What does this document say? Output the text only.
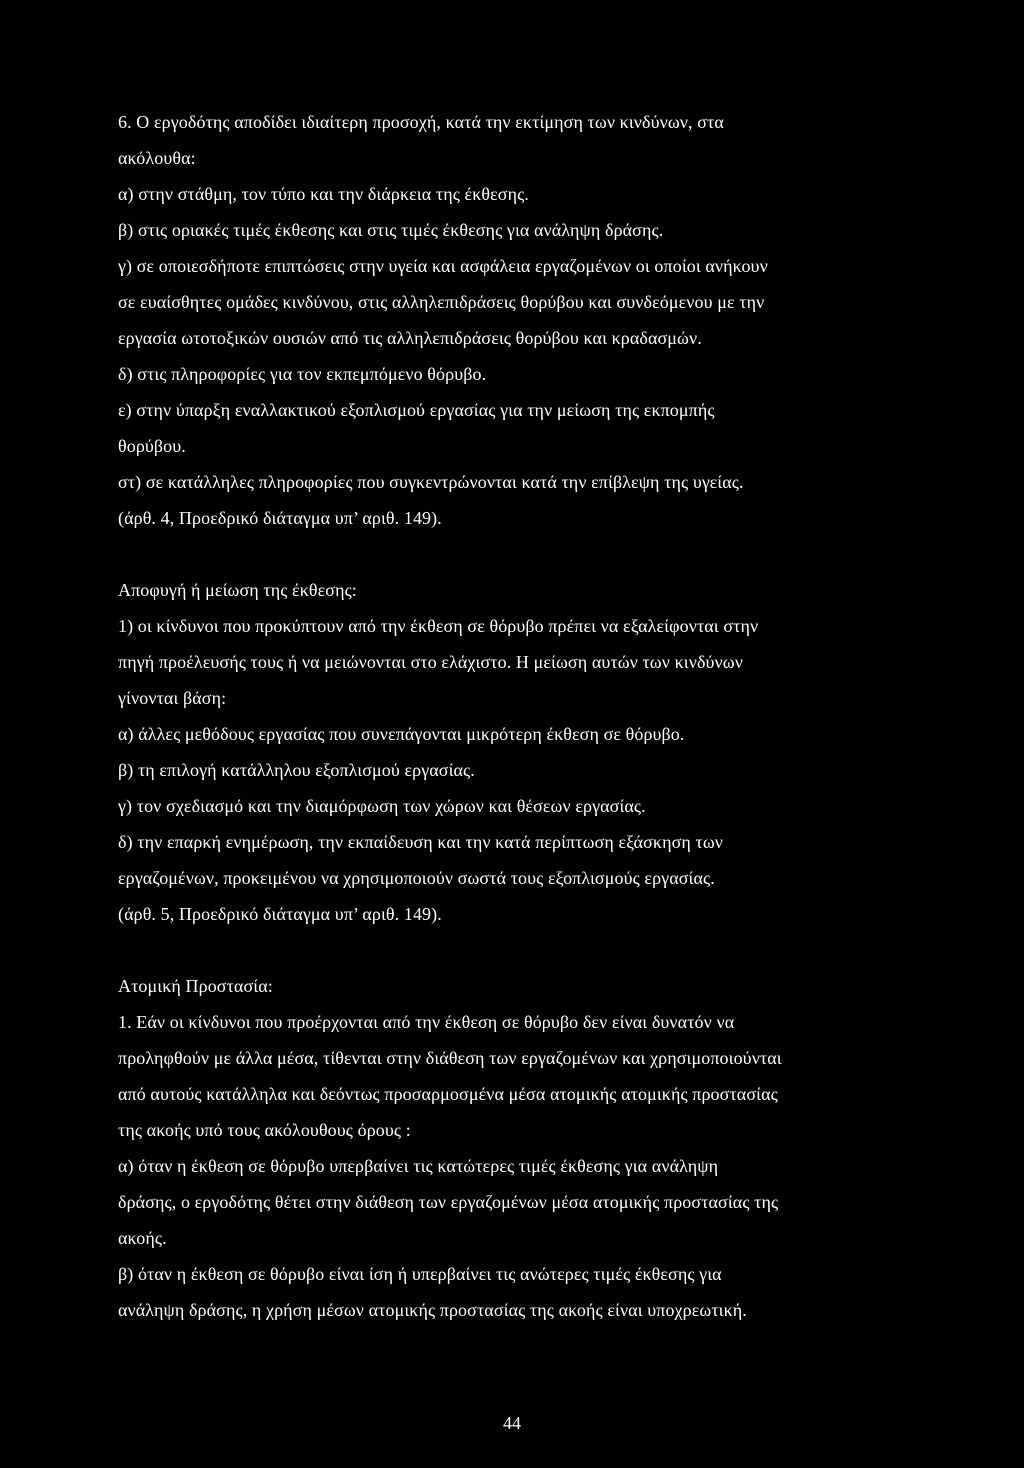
6. Ο εργοδότης αποδίδει ιδιαίτερη προσοχή, κατά την εκτίμηση των κινδύνων, στα
ακόλουθα:
α) στην στάθμη, τον τύπο και την διάρκεια της έκθεσης.
β) στις οριακές τιμές έκθεσης και στις τιμές έκθεσης για ανάληψη δράσης.
γ) σε οποιεσδήποτε επιπτώσεις στην υγεία και ασφάλεια εργαζομένων οι οποίοι ανήκουν
σε ευαίσθητες ομάδες κινδύνου, στις αλληλεπιδράσεις θορύβου και συνδεόμενου με την
εργασία ωτοτοξικών ουσιών από τις αλληλεπιδράσεις θορύβου και κραδασμών.
δ) στις πληροφορίες για τον εκπεμπόμενο θόρυβο.
ε) στην ύπαρξη εναλλακτικού εξοπλισμού εργασίας για την μείωση της εκπομπής
θορύβου.
στ) σε κατάλληλες πληροφορίες που συγκεντρώνονται κατά την επίβλεψη της υγείας.
(άρθ. 4, Προεδρικό διάταγμα υπ’ αριθ. 149).
Αποφυγή ή μείωση της έκθεσης:
1) οι κίνδυνοι που προκύπτουν από την έκθεση σε θόρυβο πρέπει να εξαλείφονται στην
πηγή προέλευσής τους ή να μειώνονται στο ελάχιστο. Η μείωση αυτών των κινδύνων
γίνονται βάση:
α) άλλες μεθόδους εργασίας που συνεπάγονται μικρότερη έκθεση σε θόρυβο.
β) τη επιλογή κατάλληλου εξοπλισμού εργασίας.
γ) τον σχεδιασμό και την διαμόρφωση των χώρων και θέσεων εργασίας.
δ) την επαρκή ενημέρωση, την εκπαίδευση και την κατά περίπτωση εξάσκηση των
εργαζομένων, προκειμένου να χρησιμοποιούν σωστά τους εξοπλισμούς εργασίας.
(άρθ. 5, Προεδρικό διάταγμα υπ’ αριθ. 149).
Ατομική Προστασία:
1. Εάν οι κίνδυνοι που προέρχονται από την έκθεση σε θόρυβο δεν είναι δυνατόν να
προληφθούν με άλλα μέσα, τίθενται στην διάθεση των εργαζομένων και χρησιμοποιούνται
από αυτούς κατάλληλα και δεόντως προσαρμοσμένα μέσα ατομικής ατομικής προστασίας
της ακοής υπό τους ακόλουθους όρους :
α) όταν η έκθεση σε θόρυβο υπερβαίνει τις κατώτερες τιμές έκθεσης για ανάληψη
δράσης, ο εργοδότης θέτει στην διάθεση των εργαζομένων μέσα ατομικής προστασίας της
ακοής.
β) όταν η έκθεση σε θόρυβο είναι ίση ή υπερβαίνει τις ανώτερες τιμές έκθεσης για
ανάληψη δράσης, η χρήση μέσων ατομικής προστασίας της ακοής είναι υποχρεωτική.
44
